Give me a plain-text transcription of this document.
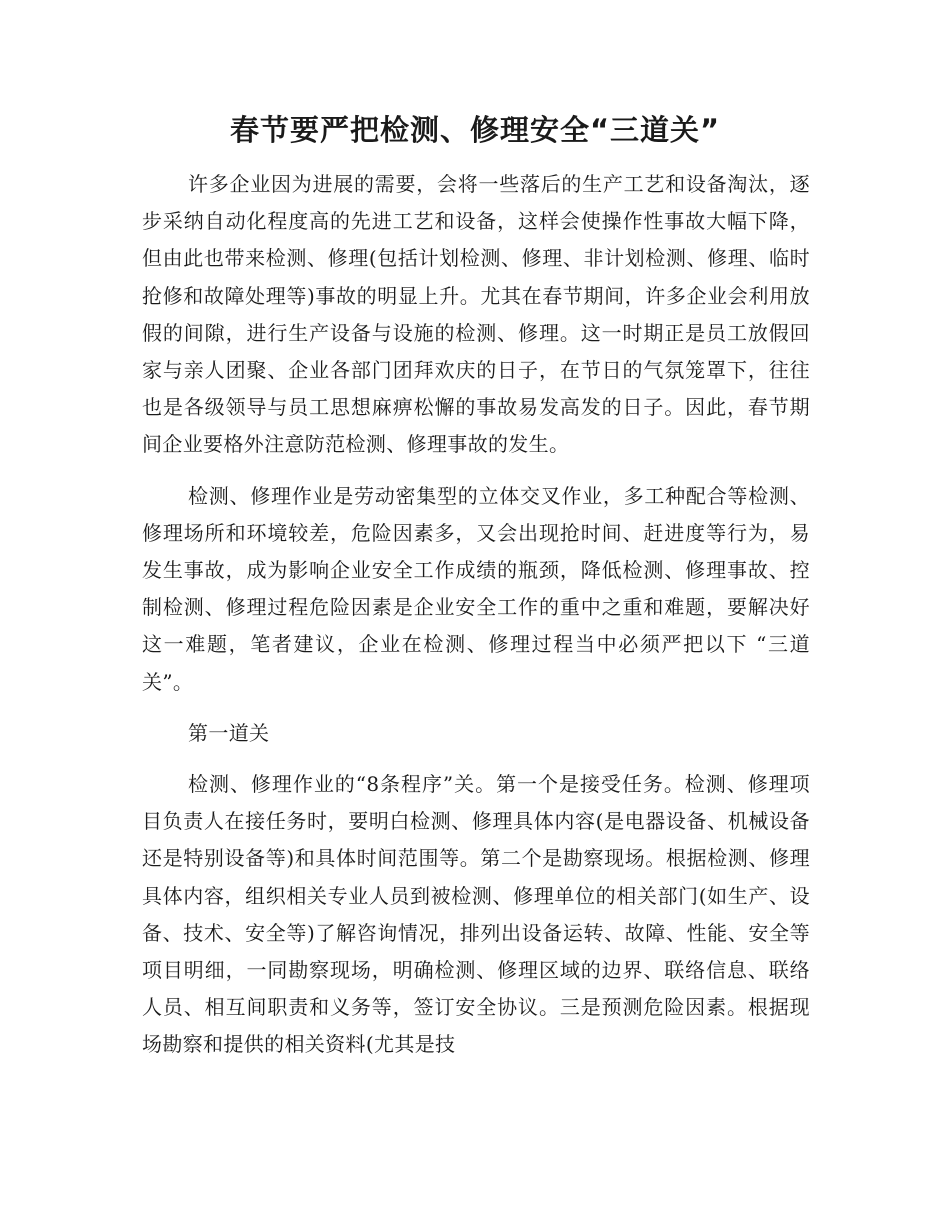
春节要严把检测、修理安全“三道关”

许多企业因为进展的需要，会将一些落后的生产工艺和设备淘汰，逐步采纳自动化程度高的先进工艺和设备，这样会使操作性事故大幅下降，但由此也带来检测、修理(包括计划检测、修理、非计划检测、修理、临时抢修和故障处理等)事故的明显上升。尤其在春节期间，许多企业会利用放假的间隙，进行生产设备与设施的检测、修理。这一时期正是员工放假回家与亲人团聚、企业各部门团拜欢庆的日子，在节日的气氛笼罩下，往往也是各级领导与员工思想麻痹松懈的事故易发高发的日子。因此，春节期间企业要格外注意防范检测、修理事故的发生。

检测、修理作业是劳动密集型的立体交叉作业，多工种配合等检测、修理场所和环境较差，危险因素多，又会出现抢时间、赶进度等行为，易发生事故，成为影响企业安全工作成绩的瓶颈，降低检测、修理事故、控制检测、修理过程危险因素是企业安全工作的重中之重和难题，要解决好这一难题，笔者建议，企业在检测、修理过程当中必须严把以下 “三道关”。

第一道关

检测、修理作业的“8条程序”关。第一个是接受任务。检测、修理项目负责人在接任务时，要明白检测、修理具体内容(是电器设备、机械设备还是特别设备等)和具体时间范围等。第二个是勘察现场。根据检测、修理具体内容，组织相关专业人员到被检测、修理单位的相关部门(如生产、设备、技术、安全等)了解咨询情况，排列出设备运转、故障、性能、安全等项目明细，一同勘察现场，明确检测、修理区域的边界、联络信息、联络人员、相互间职责和义务等，签订安全协议。三是预测危险因素。根据现场勘察和提供的相关资料(尤其是技
